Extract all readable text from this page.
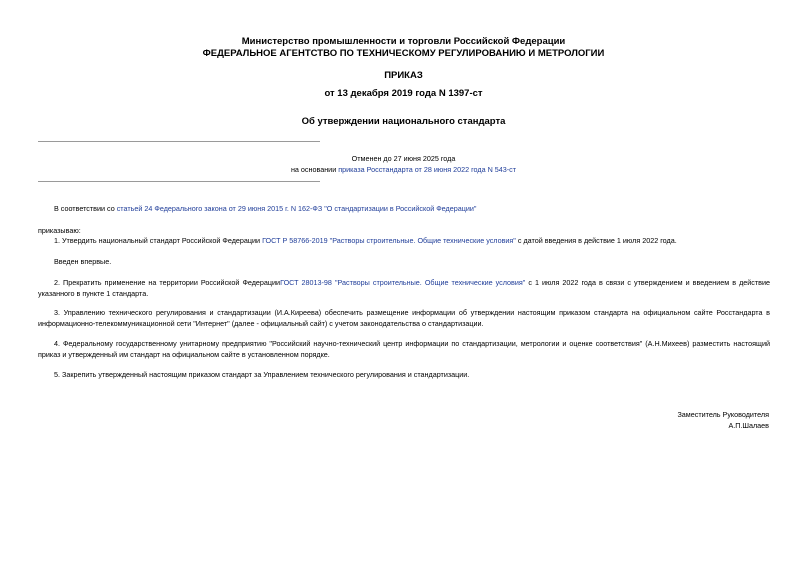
Министерство промышленности и торговли Российской Федерации
ФЕДЕРАЛЬНОЕ АГЕНТСТВО ПО ТЕХНИЧЕСКОМУ РЕГУЛИРОВАНИЮ И МЕТРОЛОГИИ
ПРИКАЗ
от 13 декабря 2019 года N 1397-ст
Об утверждении национального стандарта
Отменен до 27 июня 2025 года
на основании приказа Росстандарта от 28 июня 2022 года N 543-ст
В соответствии со статьей 24 Федерального закона от 29 июня 2015 г. N 162-ФЗ "О стандартизации в Российской Федерации"
приказываю:
1. Утвердить национальный стандарт Российской Федерации ГОСТ Р 58766-2019 "Растворы строительные. Общие технические условия" с датой введения в действие 1 июля 2022 года.
Введен впервые.
2. Прекратить применение на территории Российской ФедерацииГОСТ 28013-98 "Растворы строительные. Общие технические условия" с 1 июля 2022 года в связи с утверждением и введением в действие указанного в пункте 1 стандарта.
3. Управлению технического регулирования и стандартизации (И.А.Киреева) обеспечить размещение информации об утверждении настоящим приказом стандарта на официальном сайте Росстандарта в информационно-телекоммуникационной сети "Интернет" (далее - официальный сайт) с учетом законодательства о стандартизации.
4. Федеральному государственному унитарному предприятию "Российский научно-технический центр информации по стандартизации, метрологии и оценке соответствия" (А.Н.Михеев) разместить настоящий приказ и утвержденный им стандарт на официальном сайте в установленном порядке.
5. Закрепить утвержденный настоящим приказом стандарт за Управлением технического регулирования и стандартизации.
Заместитель Руководителя
А.П.Шалаев
